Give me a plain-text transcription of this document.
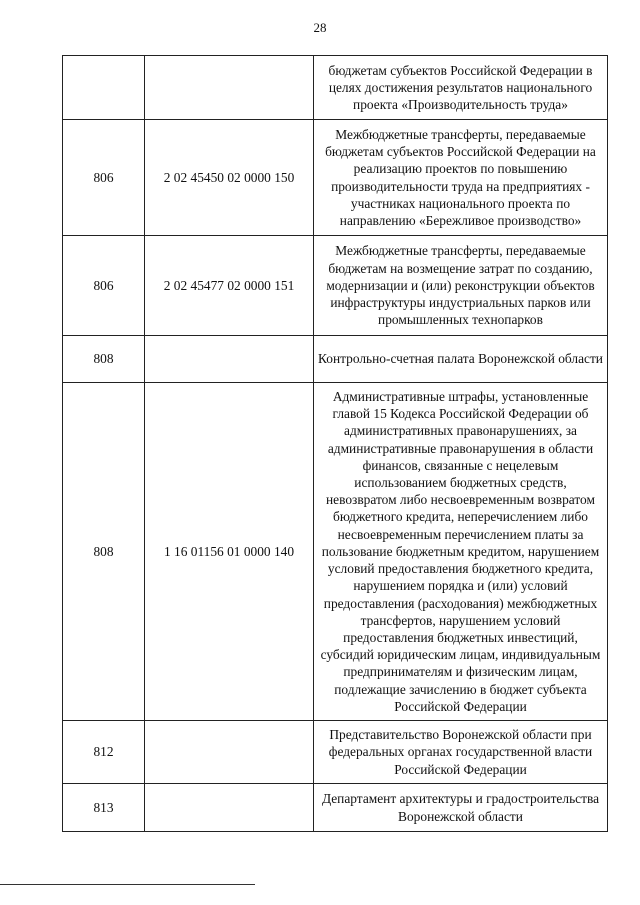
28
		бюджетам субъектов Российской Федерации в целях достижения результатов национального проекта «Производительность труда»
806	2 02 45450 02 0000 150	Межбюджетные трансферты, передаваемые бюджетам субъектов Российской Федерации на реализацию проектов по повышению производительности труда на предприятиях - участниках национального проекта по направлению «Бережливое производство»
806	2 02 45477 02 0000 151	Межбюджетные трансферты, передаваемые бюджетам на возмещение затрат по созданию, модернизации и (или) реконструкции объектов инфраструктуры индустриальных парков или промышленных технопарков
808		Контрольно-счетная палата Воронежской области
808	1 16 01156 01 0000 140	Административные штрафы, установленные главой 15 Кодекса Российской Федерации об административных правонарушениях, за административные правонарушения в области финансов, связанные с нецелевым использованием бюджетных средств, невозвратом либо несвоевременным возвратом бюджетного кредита, неперечислением либо несвоевременным перечислением платы за пользование бюджетным кредитом, нарушением условий предоставления бюджетного кредита, нарушением порядка и (или) условий предоставления (расходования) межбюджетных трансфертов, нарушением условий предоставления бюджетных инвестиций, субсидий юридическим лицам, индивидуальным предпринимателям и физическим лицам, подлежащие зачислению в бюджет субъекта Российской Федерации
812		Представительство Воронежской области при федеральных органах государственной власти Российской Федерации
813		Департамент архитектуры и градостроительства Воронежской области
